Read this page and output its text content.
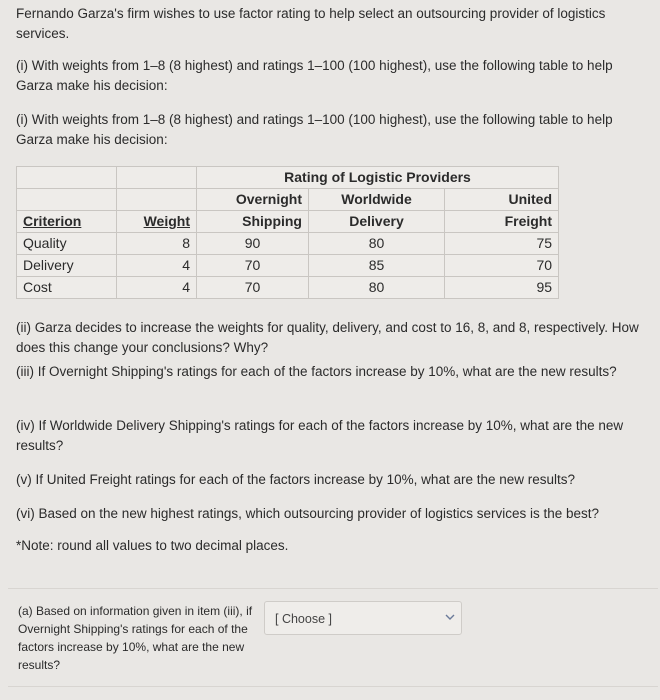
Fernando Garza's firm wishes to use factor rating to help select an outsourcing provider of logistics services.
(i) With weights from 1–8 (8 highest) and ratings 1–100 (100 highest), use the following table to help Garza make his decision:
(i) With weights from 1–8 (8 highest) and ratings 1–100 (100 highest), use the following table to help Garza make his decision:
		Rating of Logistic Providers		
		Overnight	Worldwide	United
Criterion	Weight	Shipping	Delivery	Freight
Quality	8	90	80	75
Delivery	4	70	85	70
Cost	4	70	80	95
(ii) Garza decides to increase the weights for quality, delivery, and cost to 16, 8, and 8, respectively. How does this change your conclusions? Why?
(iii) If Overnight Shipping's ratings for each of the factors increase by 10%, what are the new results?
(iv) If Worldwide Delivery Shipping's ratings for each of the factors increase by 10%, what are the new results?
(v) If United Freight ratings for each of the factors increase by 10%, what are the new results?
(vi) Based on the new highest ratings, which outsourcing provider of logistics services is the best?
*Note: round all values to two decimal places.
(a) Based on information given in item (iii), if Overnight Shipping's ratings for each of the factors increase by 10%, what are the new results?
[ Choose ]
